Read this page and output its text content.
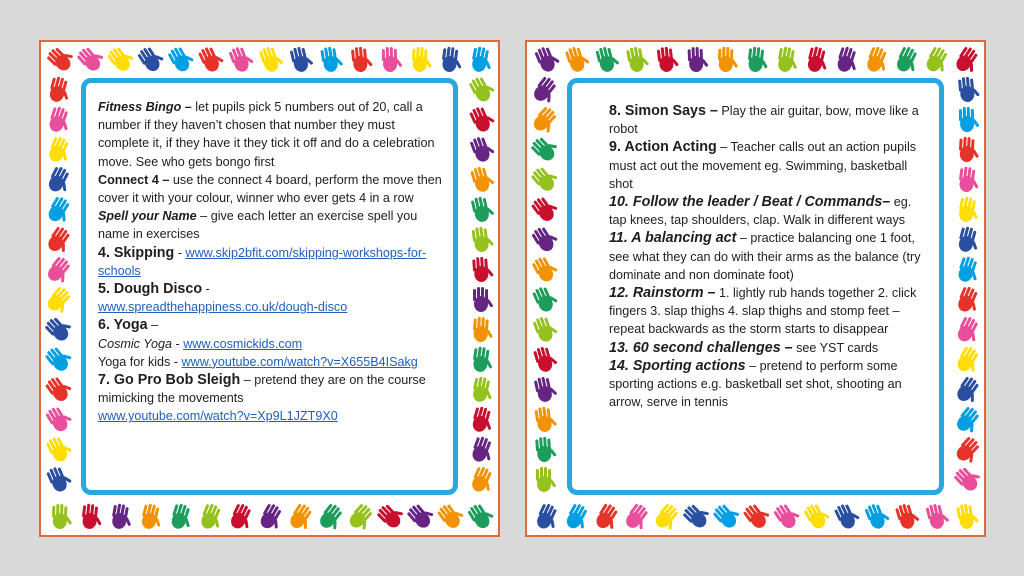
Fitness Bingo – let pupils pick 5 numbers out of 20, call a number if they haven’t chosen that number they must complete it, if they have it they tick it off and do a celebration move. See who gets bongo first

Connect 4 – use the connect 4 board, perform the move then cover it with your colour, winner who ever gets 4 in a row

Spell your Name – give each letter an exercise spell you name in exercises

4. Skipping - www.skip2bfit.com/skipping-workshops-for-schools

5. Dough Disco -

www.spreadthehappiness.co.uk/dough-disco

6. Yoga –

Cosmic Yoga - www.cosmickids.com

Yoga for kids - www.youtube.com/watch?v=X655B4ISakg

7. Go Pro Bob Sleigh – pretend they are on the course mimicking the movements

www.youtube.com/watch?v=Xp9L1JZT9X0

8. Simon Says – Play the air guitar, bow, move like a robot

9. Action Acting – Teacher calls out an action pupils must act out the movement eg. Swimming, basketball shot

10. Follow the leader / Beat / Commands– eg. tap knees, tap shoulders, clap. Walk in different ways

11. A balancing act – practice balancing one 1 foot, see what they can do with their arms as the balance (try dominate and non dominate foot)

12. Rainstorm – 1. lightly rub hands together 2. click fingers 3. slap thighs 4. slap thighs and stomp feet – repeat backwards as the storm starts to disappear

13. 60 second challenges – see YST cards

14. Sporting actions – pretend to perform some sporting actions e.g. basketball set shot, shooting an arrow, serve in tennis
